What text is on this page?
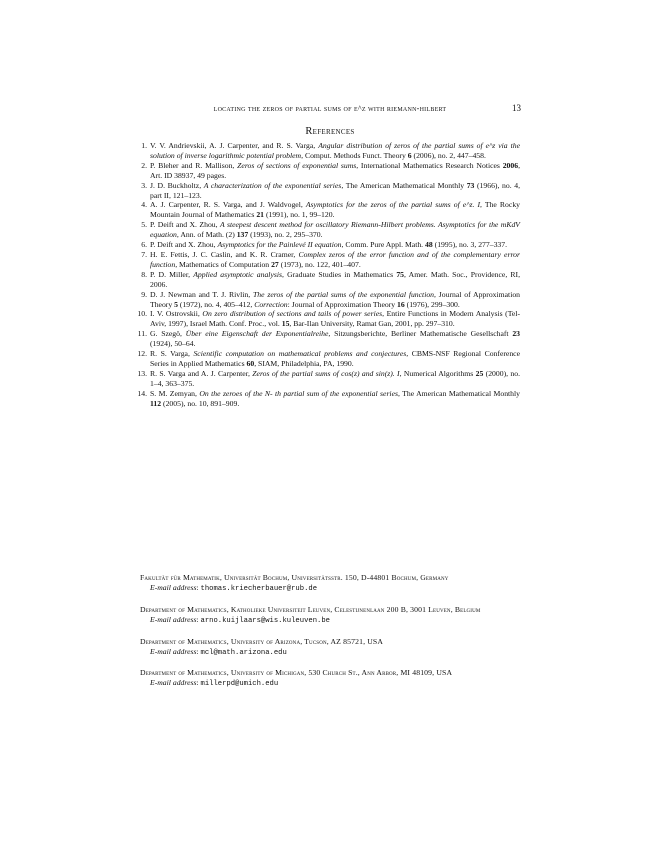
locating the zeros of partial sums of e^z with riemann-hilbert	13
References
1. V. V. Andrievskii, A. J. Carpenter, and R. S. Varga, Angular distribution of zeros of the partial sums of e^z via the solution of inverse logarithmic potential problem, Comput. Methods Funct. Theory 6 (2006), no. 2, 447–458.
2. P. Bleher and R. Mallison, Zeros of sections of exponential sums, International Mathematics Research Notices 2006, Art. ID 38937, 49 pages.
3. J. D. Buckholtz, A characterization of the exponential series, The American Mathematical Monthly 73 (1966), no. 4, part II, 121–123.
4. A. J. Carpenter, R. S. Varga, and J. Waldvogel, Asymptotics for the zeros of the partial sums of e^z. I, The Rocky Mountain Journal of Mathematics 21 (1991), no. 1, 99–120.
5. P. Deift and X. Zhou, A steepest descent method for oscillatory Riemann-Hilbert problems. Asymptotics for the mKdV equation, Ann. of Math. (2) 137 (1993), no. 2, 295–370.
6. P. Deift and X. Zhou, Asymptotics for the Painlevé II equation, Comm. Pure Appl. Math. 48 (1995), no. 3, 277–337.
7. H. E. Fettis, J. C. Caslin, and K. R. Cramer, Complex zeros of the error function and of the complementary error function, Mathematics of Computation 27 (1973), no. 122, 401–407.
8. P. D. Miller, Applied asymptotic analysis, Graduate Studies in Mathematics 75, Amer. Math. Soc., Providence, RI, 2006.
9. D. J. Newman and T. J. Rivlin, The zeros of the partial sums of the exponential function, Journal of Approximation Theory 5 (1972), no. 4, 405–412, Correction: Journal of Approximation Theory 16 (1976), 299–300.
10. I. V. Ostrovskii, On zero distribution of sections and tails of power series, Entire Functions in Modern Analysis (Tel-Aviv, 1997), Israel Math. Conf. Proc., vol. 15, Bar-Ilan University, Ramat Gan, 2001, pp. 297–310.
11. G. Szegö, Über eine Eigenschaft der Exponentialreihe, Sitzungsberichte, Berliner Mathematische Gesellschaft 23 (1924), 50–64.
12. R. S. Varga, Scientific computation on mathematical problems and conjectures, CBMS-NSF Regional Conference Series in Applied Mathematics 60, SIAM, Philadelphia, PA, 1990.
13. R. S. Varga and A. J. Carpenter, Zeros of the partial sums of cos(z) and sin(z). I, Numerical Algorithms 25 (2000), no. 1–4, 363–375.
14. S. M. Zemyan, On the zeroes of the N- th partial sum of the exponential series, The American Mathematical Monthly 112 (2005), no. 10, 891–909.
Fakultät für Mathematik, Universität Bochum, Universitätsstr. 150, D-44801 Bochum, Germany
E-mail address: thomas.kriecherbauer@rub.de
Department of Mathematics, Katholieke Universiteit Leuven, Celestijnenlaan 200 B, 3001 Leuven, Belgium
E-mail address: arno.kuijlaars@wis.kuleuven.be
Department of Mathematics, University of Arizona, Tucson, AZ 85721, USA
E-mail address: mcl@math.arizona.edu
Department of Mathematics, University of Michigan, 530 Church St., Ann Arbor, MI 48109, USA
E-mail address: millerpd@umich.edu
